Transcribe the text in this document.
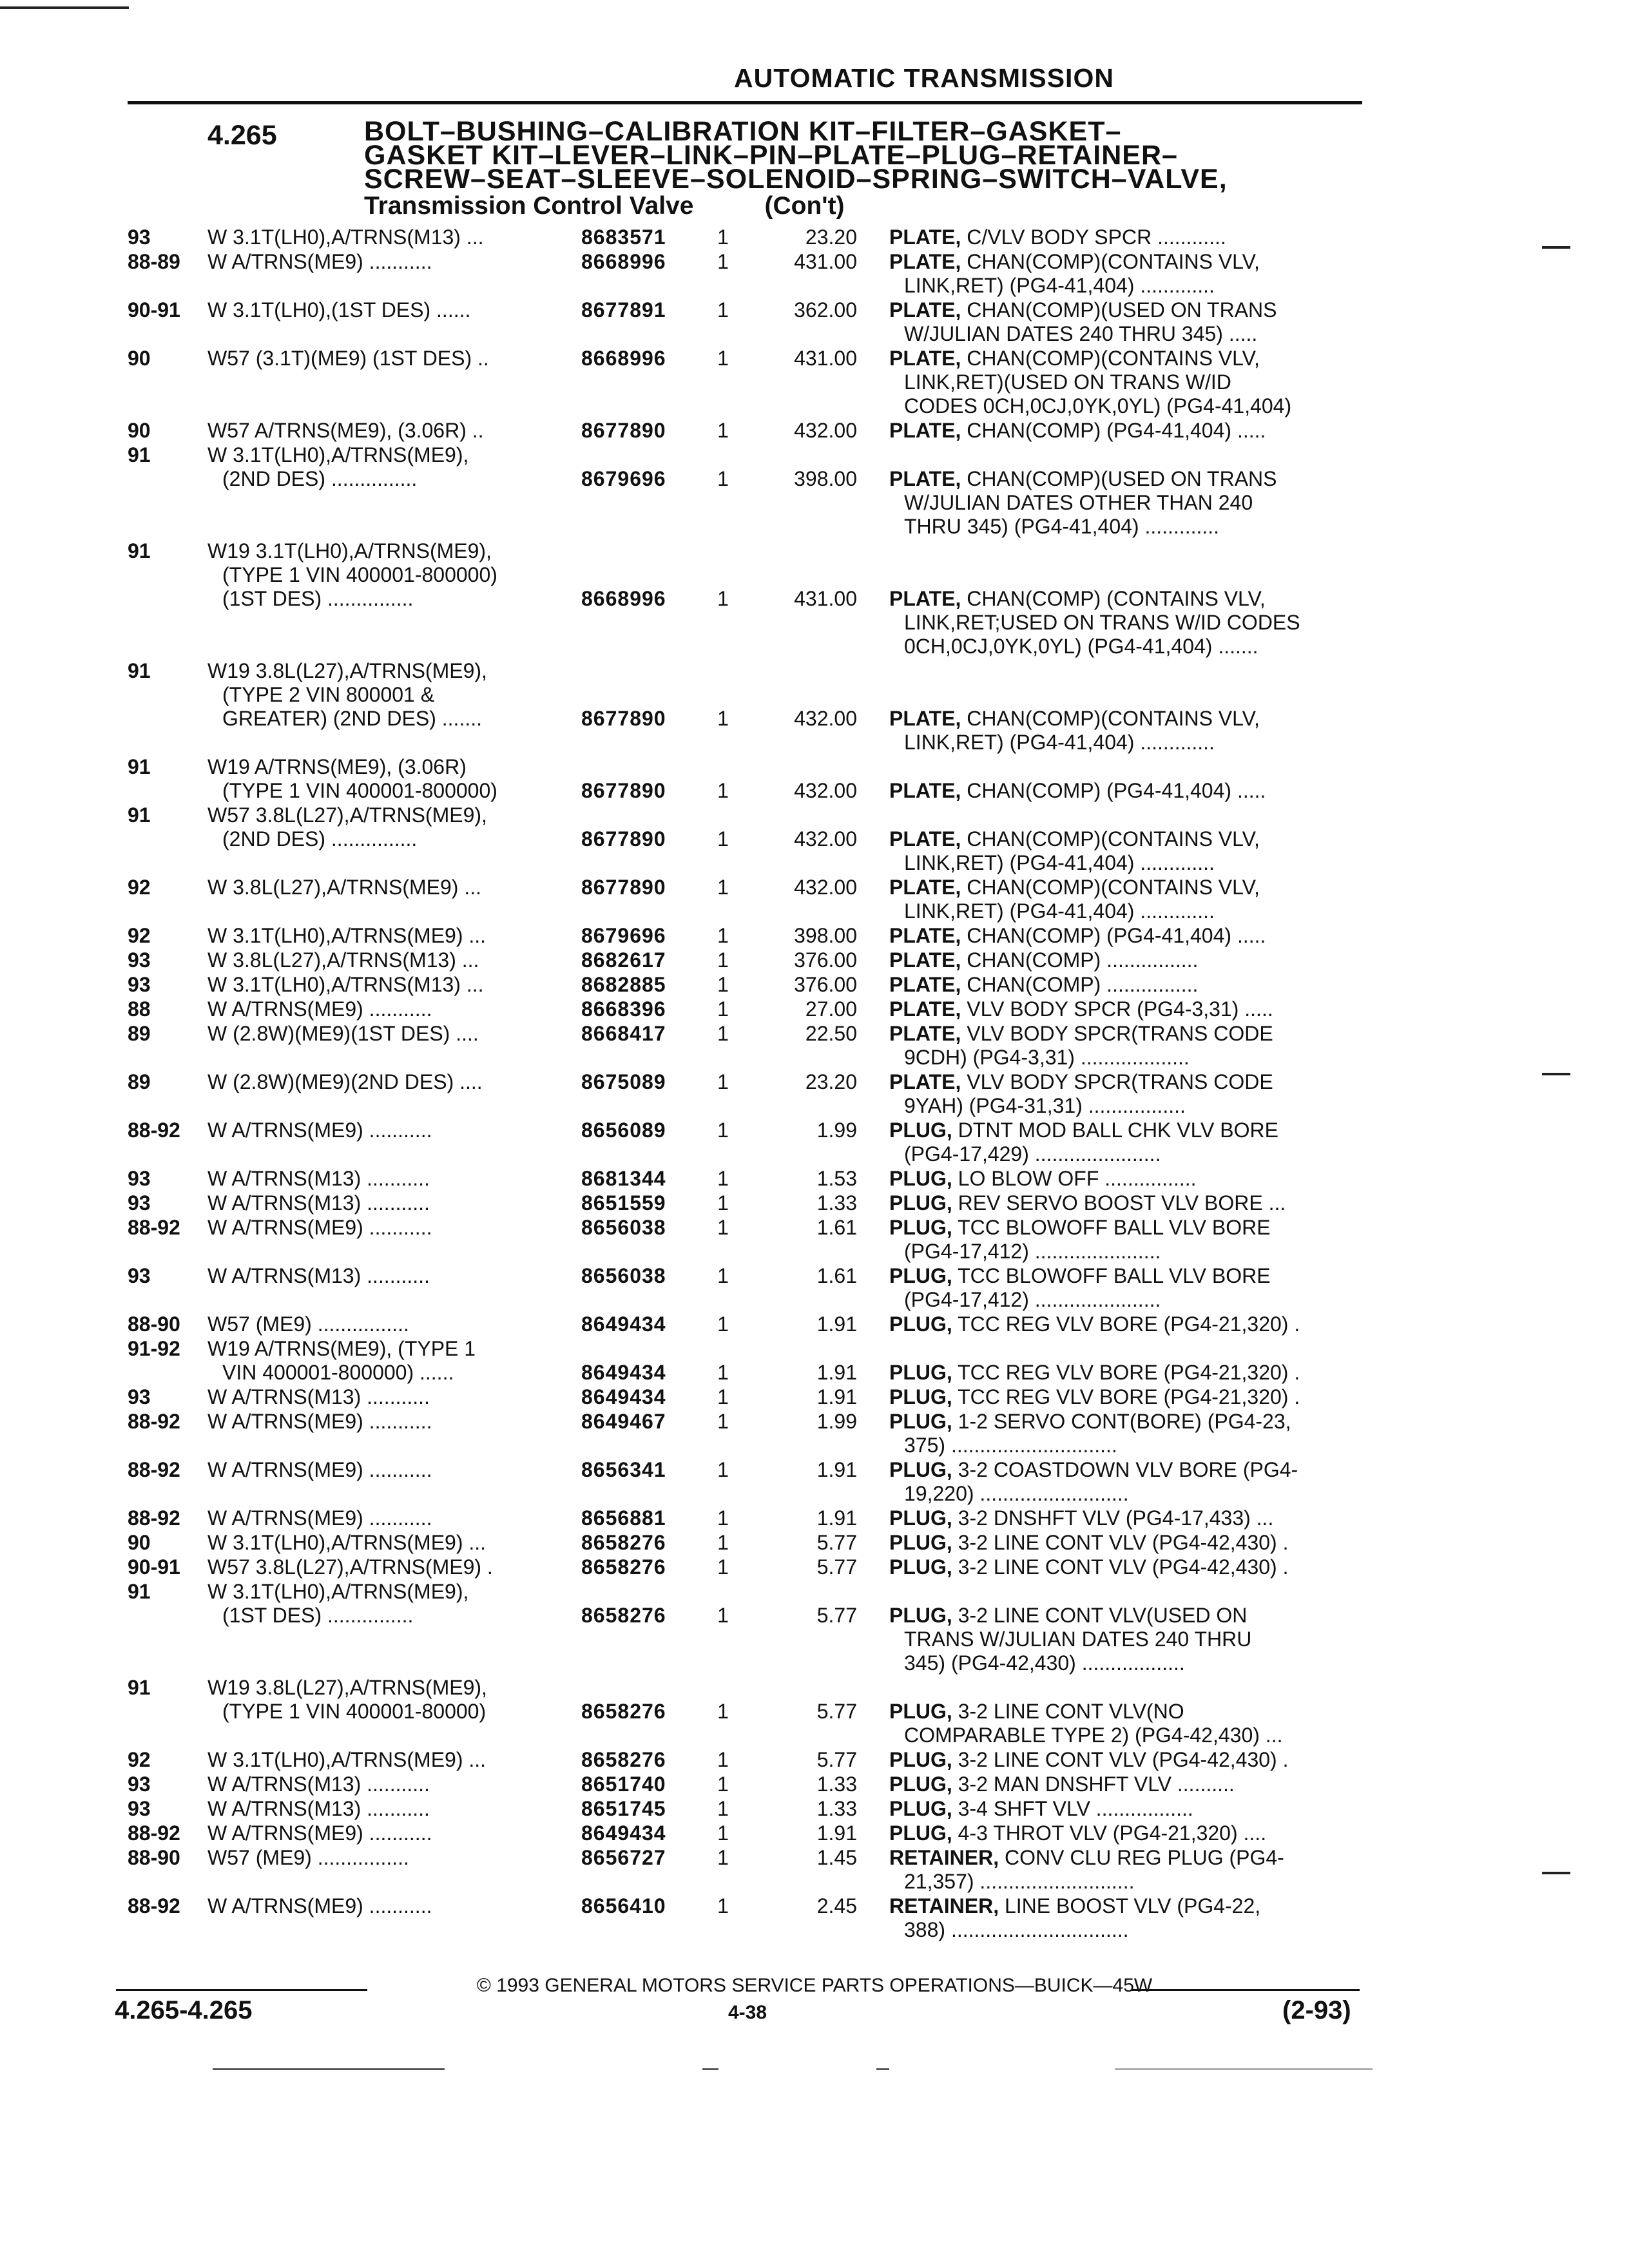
AUTOMATIC TRANSMISSION
4.265	BOLT–BUSHING–CALIBRATION KIT–FILTER–GASKET–
GASKET KIT–LEVER–LINK–PIN–PLATE–PLUG–RETAINER–
SCREW–SEAT–SLEEVE–SOLENOID–SPRING–SWITCH–VALVE,
Transmission Control Valve	(Con't)
93	W 3.1T(LH0),A/TRNS(M13) ...	8683571 1	23.20 PLATE, C/VLV BODY SPCR ............
88-89 W A/TRNS(ME9) ...........	8668996 1	431.00 PLATE, CHAN(COMP)(CONTAINS VLV,
LINK,RET) (PG4-41,404) .............
90-91 W 3.1T(LH0),(1ST DES) ......	8677891 1	362.00 PLATE, CHAN(COMP)(USED ON TRANS
W/JULIAN DATES 240 THRU 345) .....
90	W57 (3.1T)(ME9) (1ST DES) ..	8668996 1	431.00 PLATE, CHAN(COMP)(CONTAINS VLV,
LINK,RET)(USED ON TRANS W/ID
CODES 0CH,0CJ,0YK,0YL) (PG4-41,404)
90	W57 A/TRNS(ME9), (3.06R) ..	8677890 1	432.00 PLATE, CHAN(COMP) (PG4-41,404) .....
91	W 3.1T(LH0),A/TRNS(ME9),
(2ND DES) ...............	8679696 1	398.00 PLATE, CHAN(COMP)(USED ON TRANS
W/JULIAN DATES OTHER THAN 240
THRU 345) (PG4-41,404) .............
91	W19 3.1T(LH0),A/TRNS(ME9),
(TYPE 1 VIN 400001-800000)
(1ST DES) ...............	8668996 1	431.00 PLATE, CHAN(COMP) (CONTAINS VLV,
LINK,RET;USED ON TRANS W/ID CODES
0CH,0CJ,0YK,0YL) (PG4-41,404) .......
91	W19 3.8L(L27),A/TRNS(ME9),
(TYPE 2 VIN 800001 &
GREATER) (2ND DES) .......	8677890 1	432.00 PLATE, CHAN(COMP)(CONTAINS VLV,
LINK,RET) (PG4-41,404) .............
91	W19 A/TRNS(ME9), (3.06R)
(TYPE 1 VIN 400001-800000)	8677890 1	432.00 PLATE, CHAN(COMP) (PG4-41,404) .....
91	W57 3.8L(L27),A/TRNS(ME9),
(2ND DES) ...............	8677890 1	432.00 PLATE, CHAN(COMP)(CONTAINS VLV,
LINK,RET) (PG4-41,404) .............
92	W 3.8L(L27),A/TRNS(ME9) ...	8677890 1	432.00 PLATE, CHAN(COMP)(CONTAINS VLV,
LINK,RET) (PG4-41,404) .............
92	W 3.1T(LH0),A/TRNS(ME9) ...	8679696 1	398.00 PLATE, CHAN(COMP) (PG4-41,404) .....
93	W 3.8L(L27),A/TRNS(M13) ...	8682617 1	376.00 PLATE, CHAN(COMP) ................
93	W 3.1T(LH0),A/TRNS(M13) ...	8682885 1	376.00 PLATE, CHAN(COMP) ................
88	W A/TRNS(ME9) ...........	8668396 1	27.00 PLATE, VLV BODY SPCR (PG4-3,31) .....
89	W (2.8W)(ME9)(1ST DES) ....	8668417 1	22.50 PLATE, VLV BODY SPCR(TRANS CODE
9CDH) (PG4-3,31) ...................
89	W (2.8W)(ME9)(2ND DES) ....	8675089 1	23.20 PLATE, VLV BODY SPCR(TRANS CODE
9YAH) (PG4-31,31) .................
88-92 W A/TRNS(ME9) ...........	8656089 1	1.99 PLUG, DTNT MOD BALL CHK VLV BORE
(PG4-17,429) ......................
93	W A/TRNS(M13) ...........	8681344 1	1.53 PLUG, LO BLOW OFF ................
93	W A/TRNS(M13) ...........	8651559 1	1.33 PLUG, REV SERVO BOOST VLV BORE ...
88-92 W A/TRNS(ME9) ...........	8656038 1	1.61 PLUG, TCC BLOWOFF BALL VLV BORE
(PG4-17,412) ......................
93	W A/TRNS(M13) ...........	8656038 1	1.61 PLUG, TCC BLOWOFF BALL VLV BORE
(PG4-17,412) ......................
88-90 W57 (ME9) ................	8649434 1	1.91 PLUG, TCC REG VLV BORE (PG4-21,320) .
91-92 W19 A/TRNS(ME9), (TYPE 1
VIN 400001-800000) ......	8649434 1	1.91 PLUG, TCC REG VLV BORE (PG4-21,320) .
93	W A/TRNS(M13) ...........	8649434 1	1.91 PLUG, TCC REG VLV BORE (PG4-21,320) .
88-92 W A/TRNS(ME9) ...........	8649467 1	1.99 PLUG, 1-2 SERVO CONT(BORE) (PG4-23,
375) .............................
88-92 W A/TRNS(ME9) ...........	8656341 1	1.91 PLUG, 3-2 COASTDOWN VLV BORE (PG4-
19,220) ..........................
88-92 W A/TRNS(ME9) ...........	8656881 1	1.91 PLUG, 3-2 DNSHFT VLV (PG4-17,433) ...
90	W 3.1T(LH0),A/TRNS(ME9) ...	8658276 1	5.77 PLUG, 3-2 LINE CONT VLV (PG4-42,430) .
90-91 W57 3.8L(L27),A/TRNS(ME9) .	8658276 1	5.77 PLUG, 3-2 LINE CONT VLV (PG4-42,430) .
91	W 3.1T(LH0),A/TRNS(ME9),
(1ST DES) ...............	8658276 1	5.77 PLUG, 3-2 LINE CONT VLV(USED ON
TRANS W/JULIAN DATES 240 THRU
345) (PG4-42,430) ..................
91	W19 3.8L(L27),A/TRNS(ME9),
(TYPE 1 VIN 400001-80000)	8658276 1	5.77 PLUG, 3-2 LINE CONT VLV(NO
COMPARABLE TYPE 2) (PG4-42,430) ...
92	W 3.1T(LH0),A/TRNS(ME9) ...	8658276 1	5.77 PLUG, 3-2 LINE CONT VLV (PG4-42,430) .
93	W A/TRNS(M13) ...........	8651740 1	1.33 PLUG, 3-2 MAN DNSHFT VLV ..........
93	W A/TRNS(M13) ...........	8651745 1	1.33 PLUG, 3-4 SHFT VLV .................
88-92 W A/TRNS(ME9) ...........	8649434 1	1.91 PLUG, 4-3 THROT VLV (PG4-21,320) ....
88-90 W57 (ME9) ................	8656727 1	1.45 RETAINER, CONV CLU REG PLUG (PG4-
21,357) ...........................
88-92 W A/TRNS(ME9) ...........	8656410 1	2.45 RETAINER, LINE BOOST VLV (PG4-22,
388) ...............................
© 1993 GENERAL MOTORS SERVICE PARTS OPERATIONS—BUICK—45W
4.265-4.265	4-38	(2-93)
